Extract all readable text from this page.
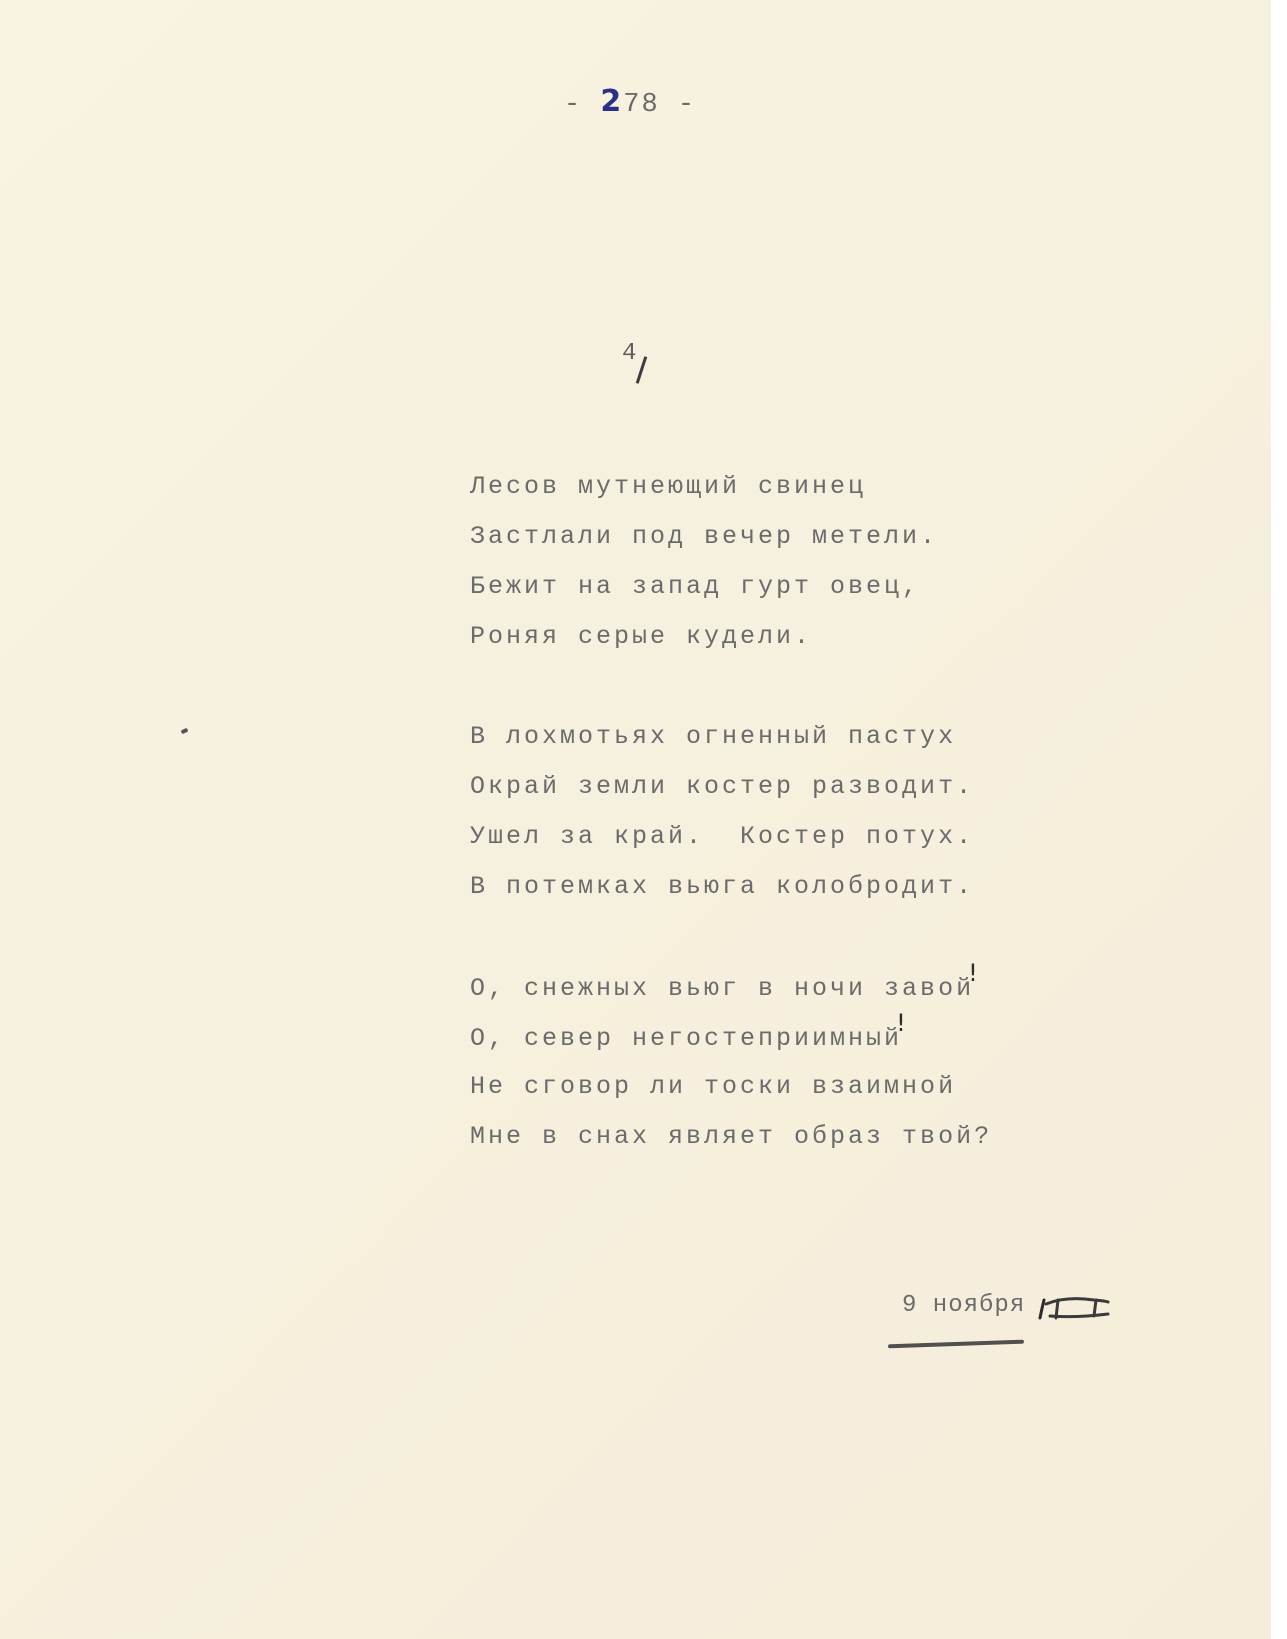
- 278 -
4
Лесов мутнеющий свинец
Застлали под вечер метели.
Бежит на запад гурт овец,
Роняя серые кудели.
В лохмотьях огненный пастух
Окрай земли костер разводит.
Ушел за край.  Костер потух.
В потемках вьюга колобродит.
О, снежных вьюг в ночи завой!
О, север негостеприимный!
Не сговор ли тоски взаимной
Мне в снах являет образ твой?
9 ноября
